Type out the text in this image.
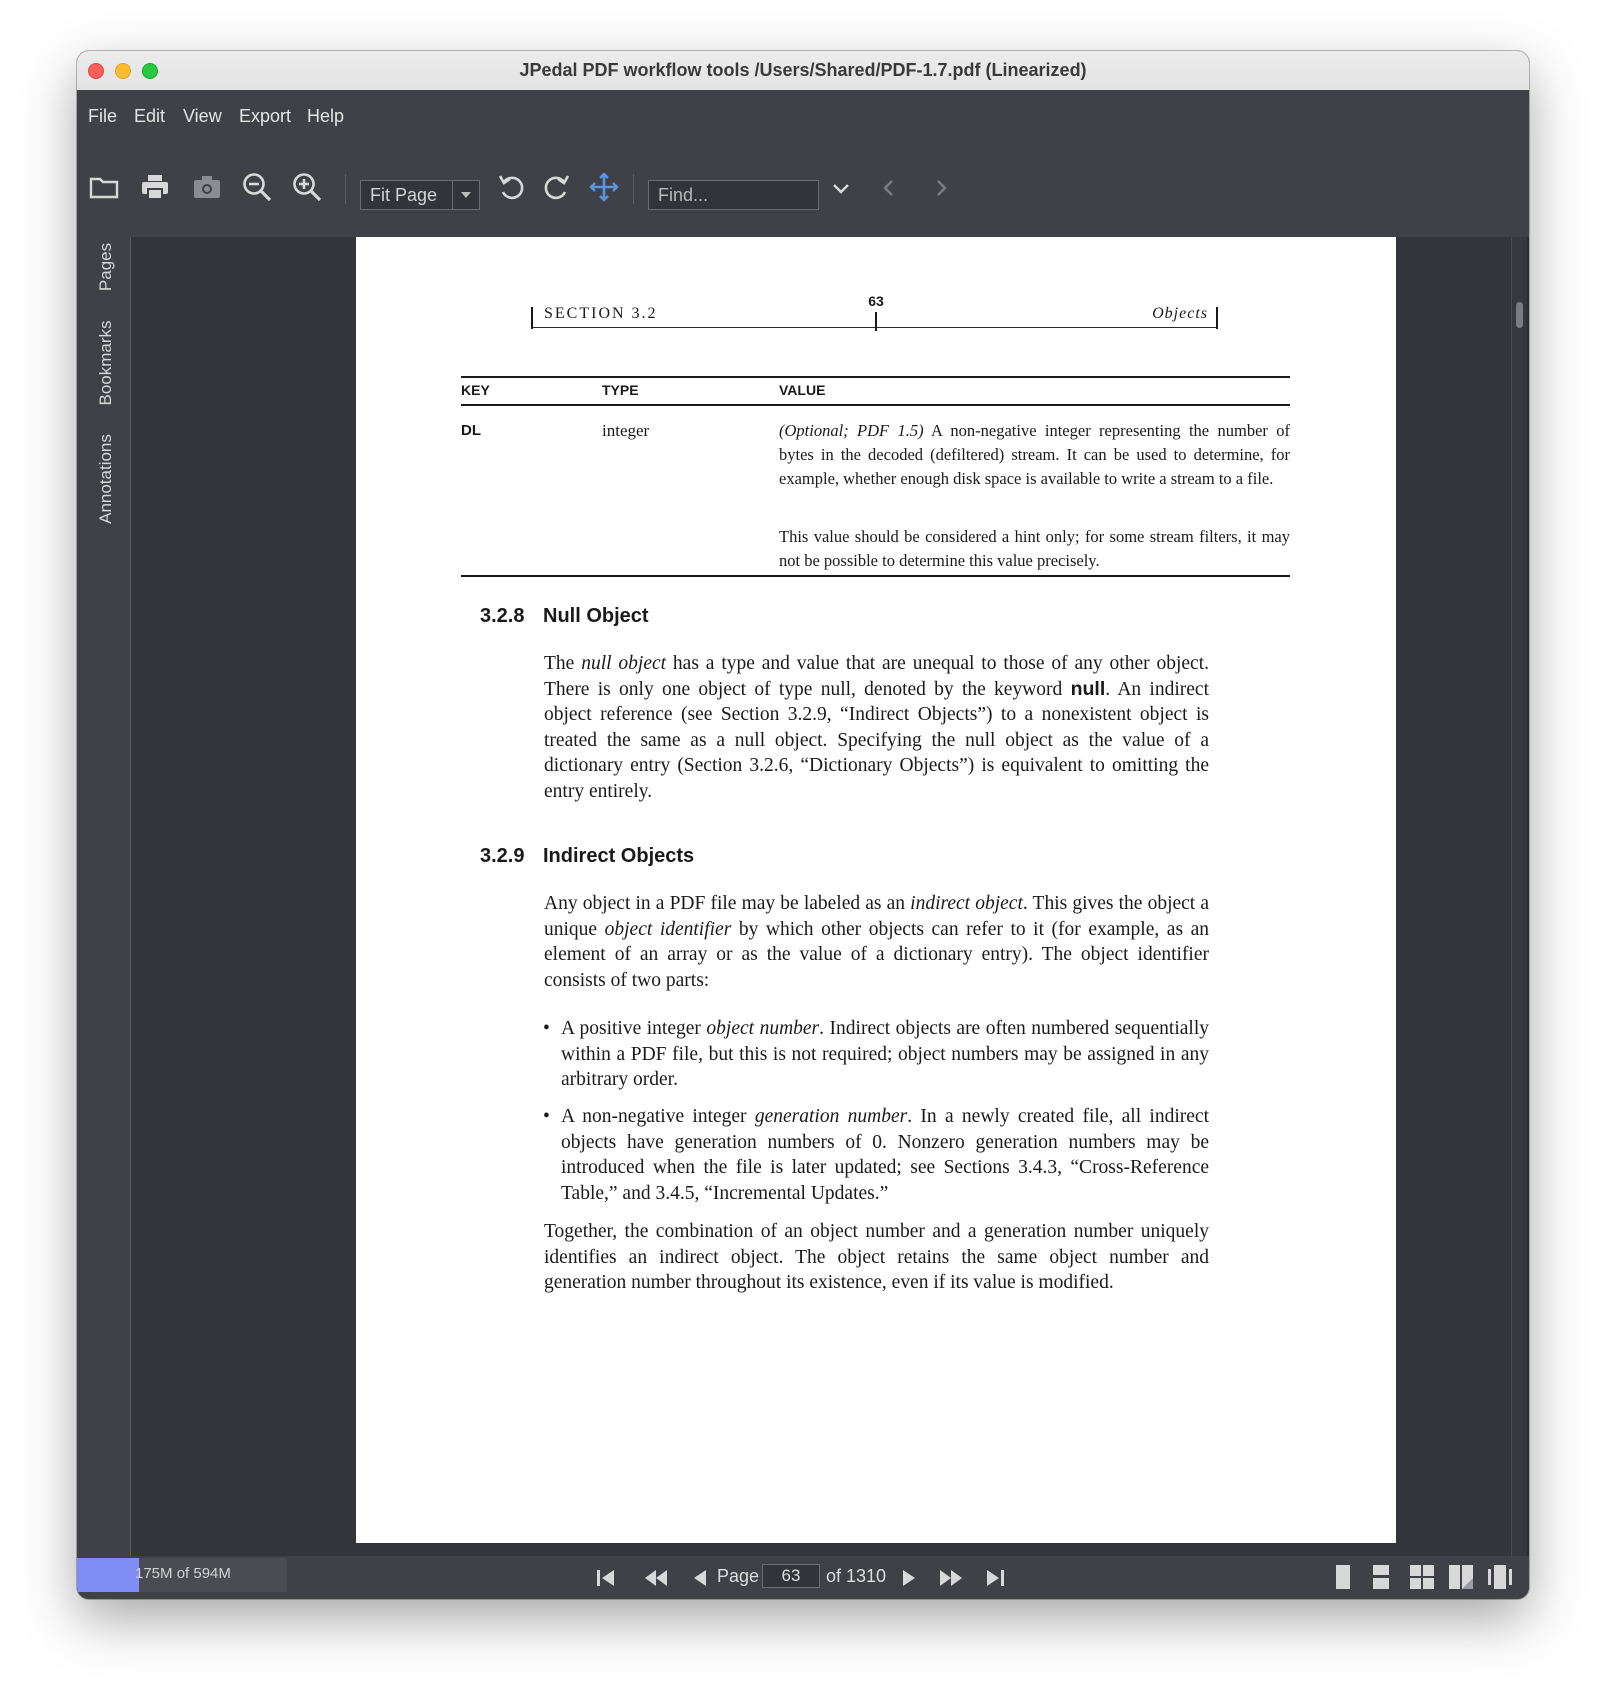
JPedal PDF workflow tools /Users/Shared/PDF-1.7.pdf (Linearized)
File Edit View Export Help
Fit Page	Find...
Pages
Bookmarks
Annotations
SECTION 3.2
63
Objects
KEY	TYPE	VALUE
DL	integer	(Optional; PDF 1.5) A non-negative integer representing the number of bytes in the decoded (defiltered) stream. It can be used to determine, for example, whether enough disk space is available to write a stream to a file.
This value should be considered a hint only; for some stream filters, it may not be possible to determine this value precisely.
3.2.8 Null Object
The null object has a type and value that are unequal to those of any other object. There is only one object of type null, denoted by the keyword null. An indirect object reference (see Section 3.2.9, “Indirect Objects”) to a nonexistent object is treated the same as a null object. Specifying the null object as the value of a dictionary entry (Section 3.2.6, “Dictionary Objects”) is equivalent to omitting the entry entirely.
3.2.9 Indirect Objects
Any object in a PDF file may be labeled as an indirect object. This gives the object a unique object identifier by which other objects can refer to it (for example, as an element of an array or as the value of a dictionary entry). The object identifier consists of two parts:
• A positive integer object number. Indirect objects are often numbered sequentially within a PDF file, but this is not required; object numbers may be assigned in any arbitrary order.
• A non-negative integer generation number. In a newly created file, all indirect objects have generation numbers of 0. Nonzero generation numbers may be introduced when the file is later updated; see Sections 3.4.3, “Cross-Reference Table,” and 3.4.5, “Incremental Updates.”
Together, the combination of an object number and a generation number uniquely identifies an indirect object. The object retains the same object number and generation number throughout its existence, even if its value is modified.
175M of 594M	Page	63	of 1310
